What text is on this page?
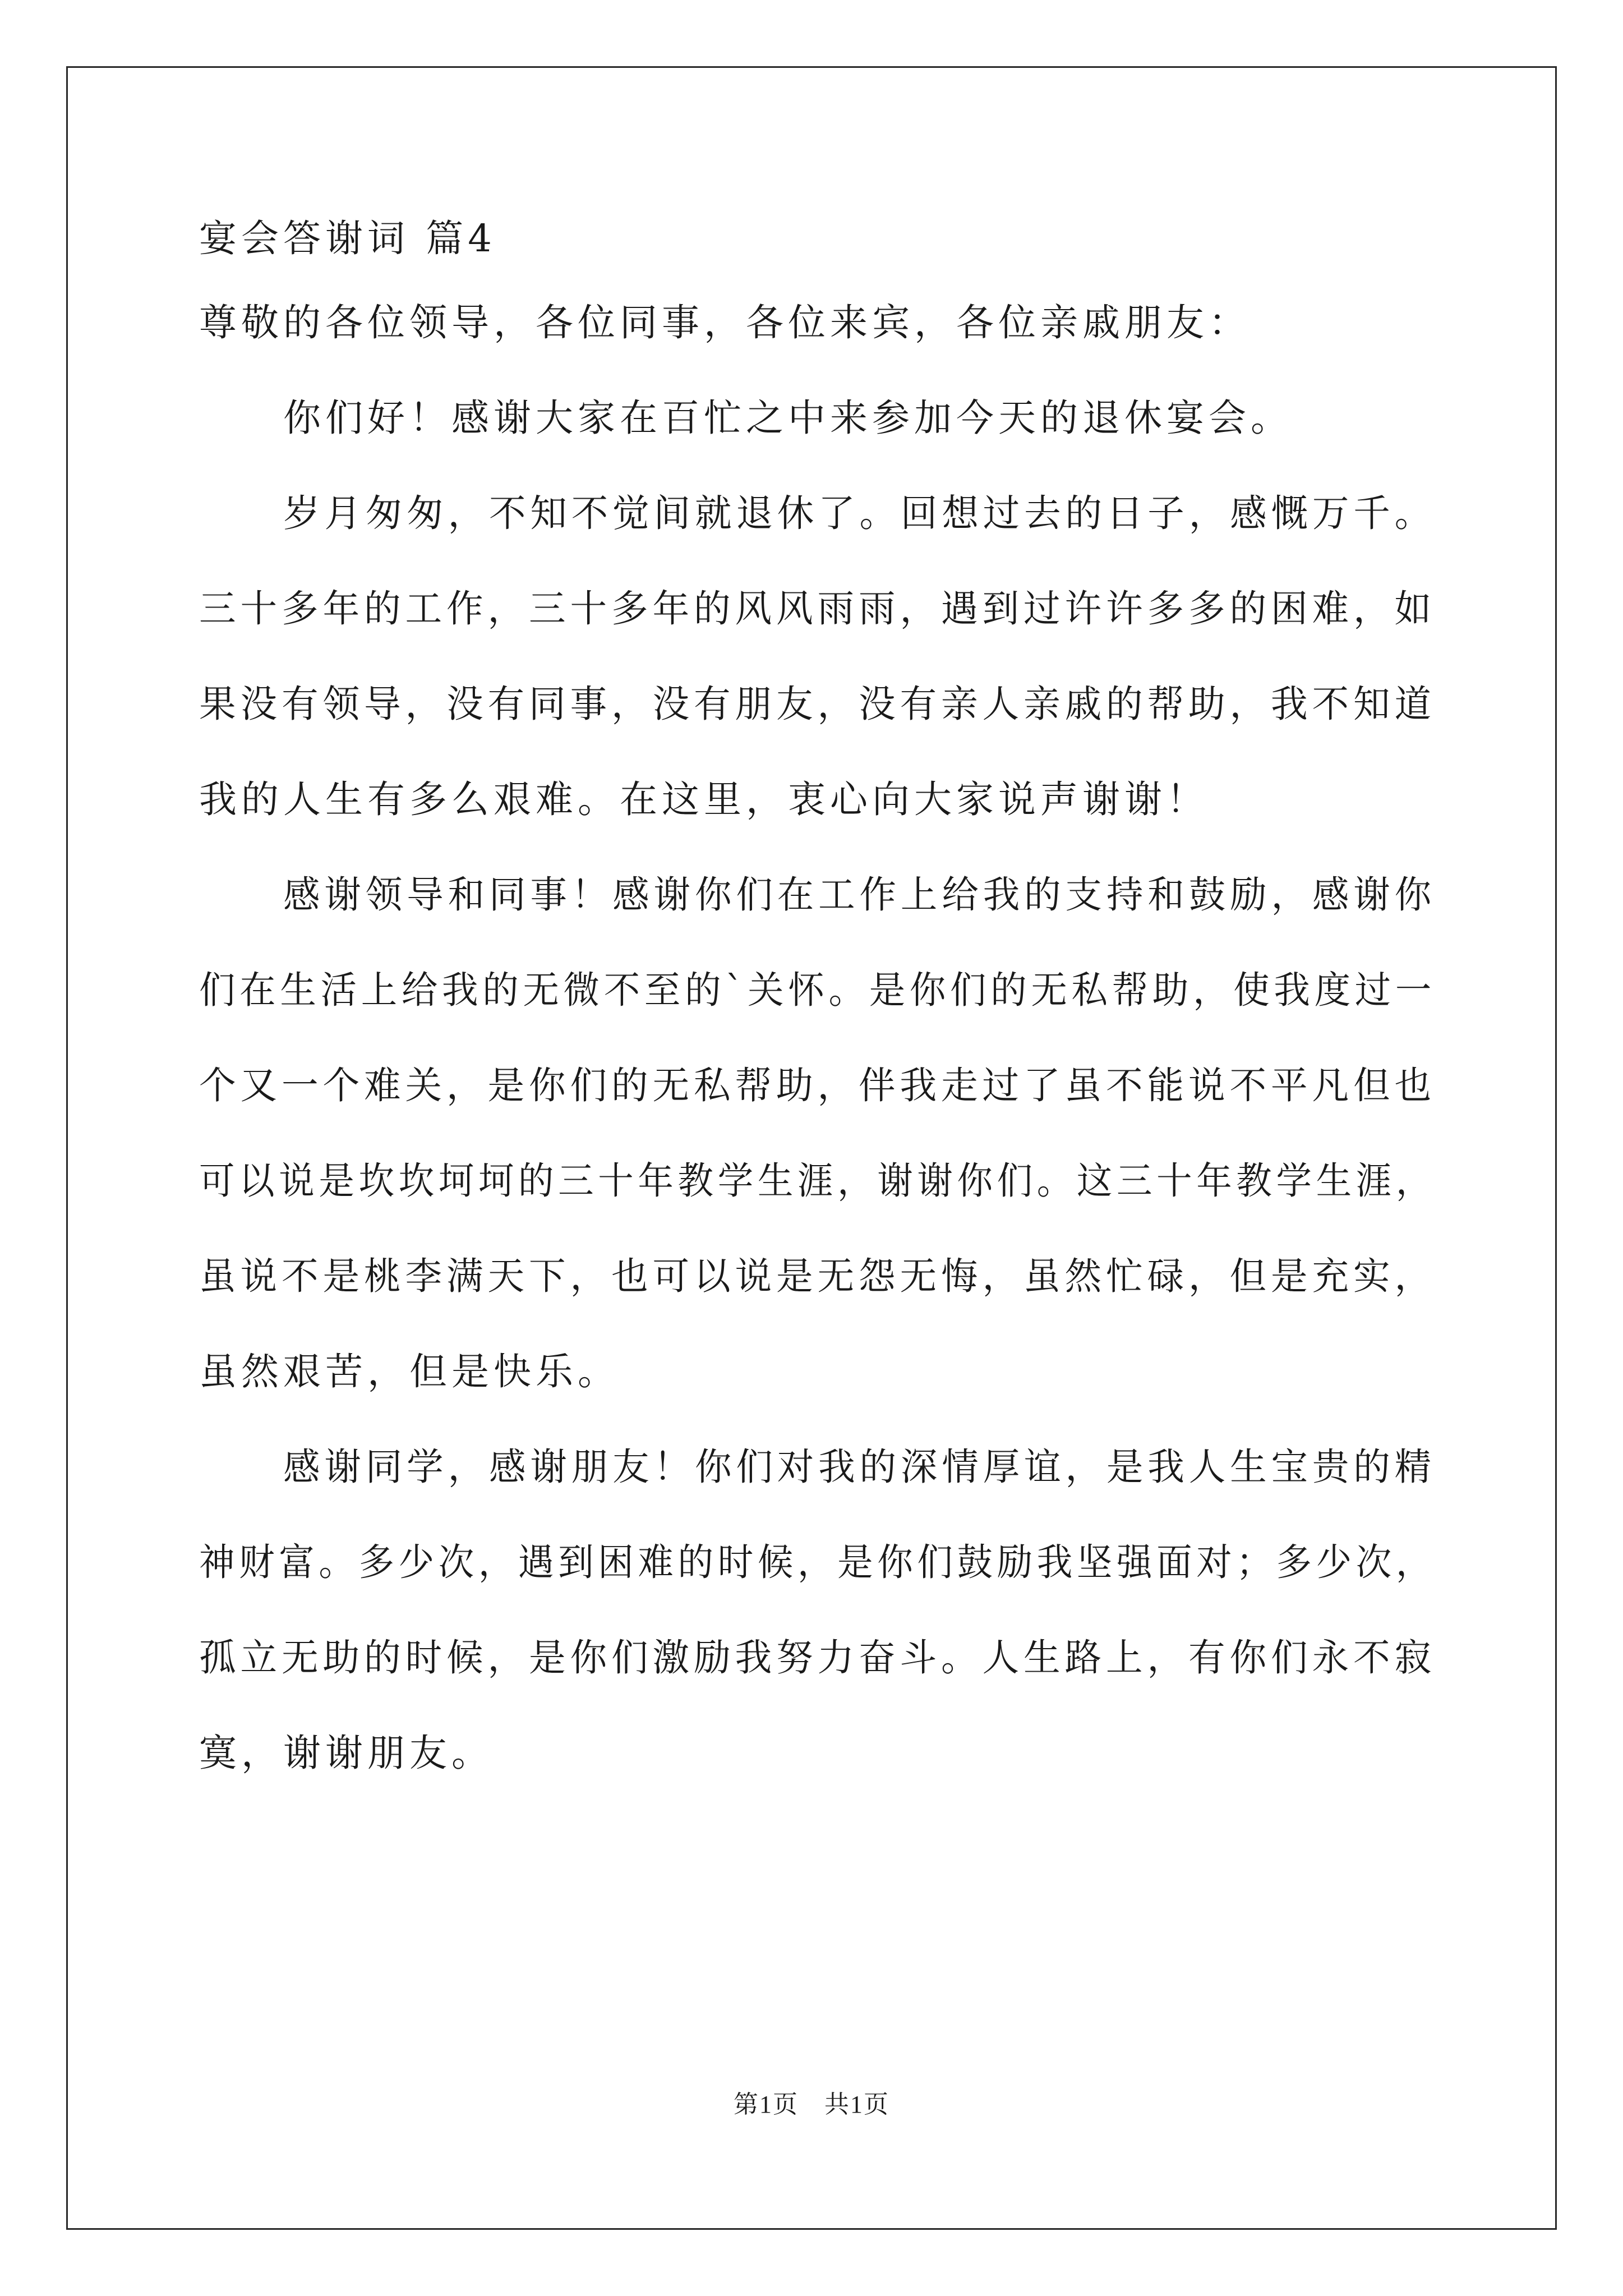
宴会答谢词 篇4
尊敬的各位领导，各位同事，各位来宾，各位亲戚朋友：
你们好！感谢大家在百忙之中来参加今天的退休宴会。
岁月匆匆，不知不觉间就退休了。回想过去的日子，感慨万千。
三十多年的工作，三十多年的风风雨雨，遇到过许许多多的困难，如
果没有领导，没有同事，没有朋友，没有亲人亲戚的帮助，我不知道
我的人生有多么艰难。在这里，衷心向大家说声谢谢！
感谢领导和同事！感谢你们在工作上给我的支持和鼓励，感谢你
们在生活上给我的无微不至的`关怀。是你们的无私帮助，使我度过一
个又一个难关，是你们的无私帮助，伴我走过了虽不能说不平凡但也
可以说是坎坎坷坷的三十年教学生涯，谢谢你们。这三十年教学生涯，
虽说不是桃李满天下，也可以说是无怨无悔，虽然忙碌，但是充实，
虽然艰苦，但是快乐。
感谢同学，感谢朋友！你们对我的深情厚谊，是我人生宝贵的精
神财富。多少次，遇到困难的时候，是你们鼓励我坚强面对；多少次，
孤立无助的时候，是你们激励我努力奋斗。人生路上，有你们永不寂
寞，谢谢朋友。
第1页　共1页
